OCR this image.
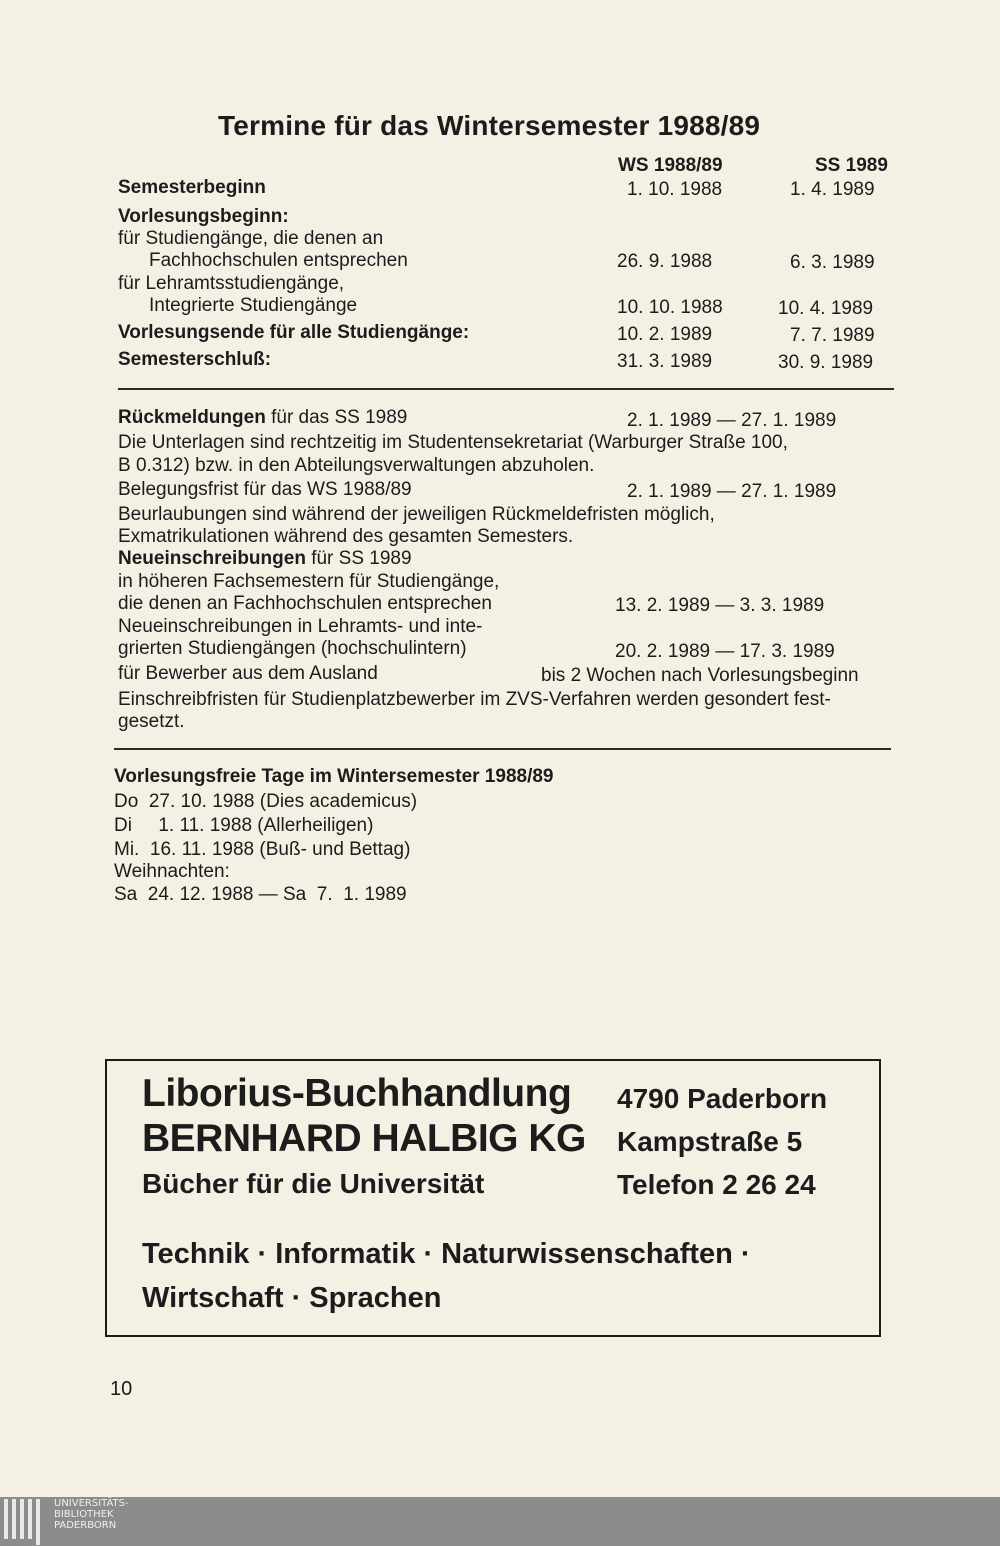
Termine für das Wintersemester 1988/89
WS 1988/89	SS 1989
Semesterbeginn	1. 10. 1988	1. 4. 1989
Vorlesungsbeginn:
für Studiengänge, die denen an
Fachhochschulen entsprechen	26. 9. 1988	6. 3. 1989
für Lehramtsstudiengänge,
Integrierte Studiengänge	10. 10. 1988	10. 4. 1989
Vorlesungsende für alle Studiengänge:	10. 2. 1989	7. 7. 1989
Semesterschluß:	31. 3. 1989	30. 9. 1989
Rückmeldungen für das SS 1989	2. 1. 1989 — 27. 1. 1989
Die Unterlagen sind rechtzeitig im Studentensekretariat (Warburger Straße 100,
B 0.312) bzw. in den Abteilungsverwaltungen abzuholen.
Belegungsfrist für das WS 1988/89	2. 1. 1989 — 27. 1. 1989
Beurlaubungen sind während der jeweiligen Rückmeldefristen möglich,
Exmatrikulationen während des gesamten Semesters.
Neueinschreibungen für SS 1989
in höheren Fachsemestern für Studiengänge,
die denen an Fachhochschulen entsprechen	13. 2. 1989 — 3. 3. 1989
Neueinschreibungen in Lehramts- und inte-
grierten Studiengängen (hochschulintern)	20. 2. 1989 — 17. 3. 1989
für Bewerber aus dem Ausland	bis 2 Wochen nach Vorlesungsbeginn
Einschreibfristen für Studienplatzbewerber im ZVS-Verfahren werden gesondert fest-
gesetzt.
Vorlesungsfreie Tage im Wintersemester 1988/89
Do  27. 10. 1988 (Dies academicus)
Di     1. 11. 1988 (Allerheiligen)
Mi.  16. 11. 1988 (Buß- und Bettag)
Weihnachten:
Sa  24. 12. 1988 — Sa  7.  1. 1989
Liborius-Buchhandlung
BERNHARD HALBIG KG
Bücher für die Universität
4790 Paderborn
Kampstraße 5
Telefon 2 26 24
Technik · Informatik · Naturwissenschaften ·
Wirtschaft · Sprachen
10
UNIVERSITÄTS-
BIBLIOTHEK
PADERBORN
